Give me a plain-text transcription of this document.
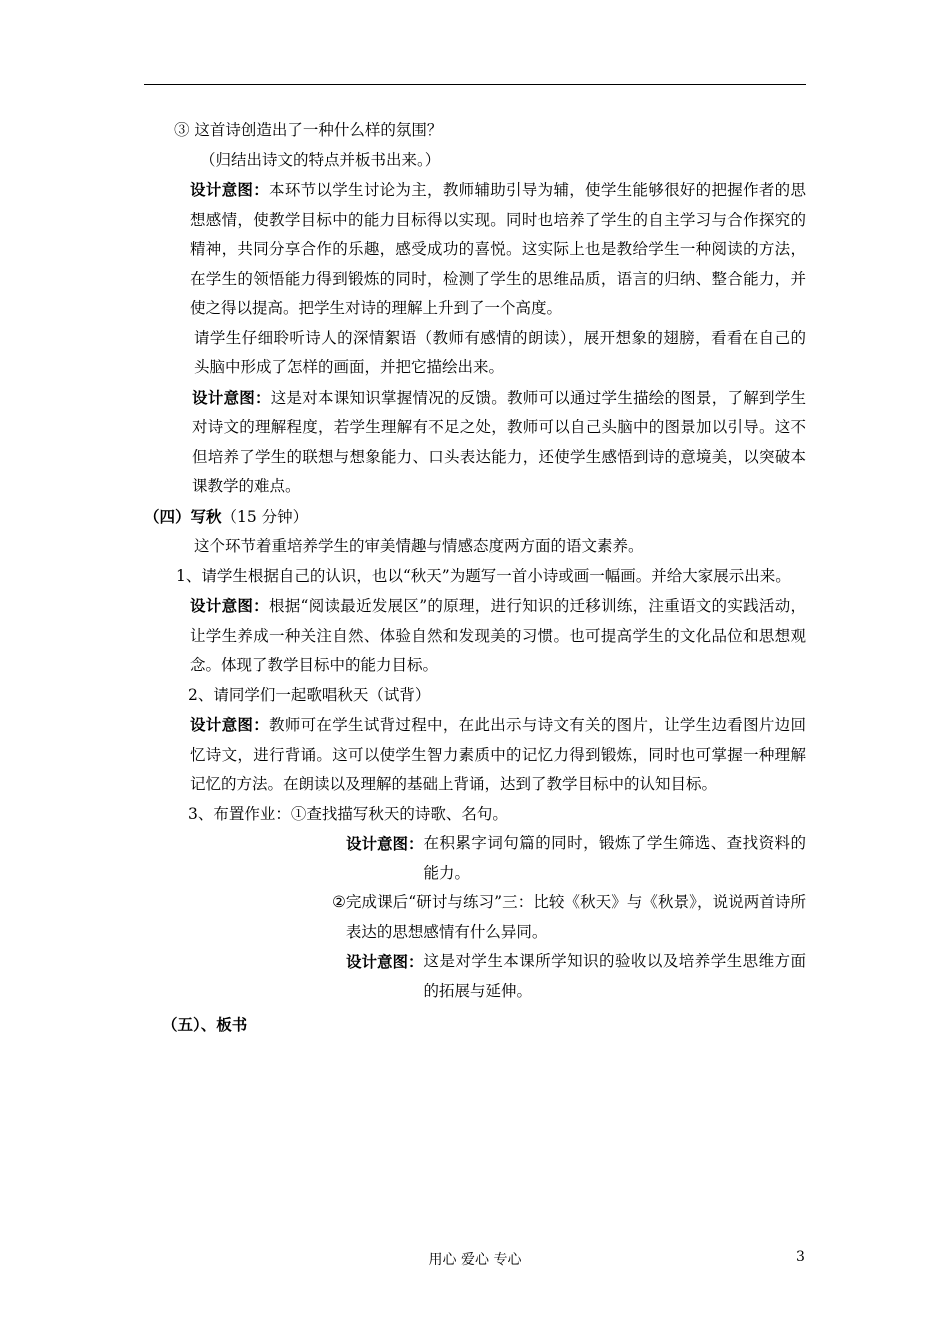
③ 这首诗创造出了一种什么样的氛围？

（归结出诗文的特点并板书出来。）

设计意图：本环节以学生讨论为主，教师辅助引导为辅，使学生能够很好的把握作者的思想感情，使教学目标中的能力目标得以实现。同时也培养了学生的自主学习与合作探究的精神，共同分享合作的乐趣，感受成功的喜悦。这实际上也是教给学生一种阅读的方法，在学生的领悟能力得到锻炼的同时，检测了学生的思维品质，语言的归纳、整合能力，并使之得以提高。把学生对诗的理解上升到了一个高度。

请学生仔细聆听诗人的深情絮语（教师有感情的朗读），展开想象的翅膀，看看在自己的头脑中形成了怎样的画面，并把它描绘出来。

设计意图：这是对本课知识掌握情况的反馈。教师可以通过学生描绘的图景，了解到学生对诗文的理解程度，若学生理解有不足之处，教师可以自己头脑中的图景加以引导。这不但培养了学生的联想与想象能力、口头表达能力，还使学生感悟到诗的意境美，以突破本课教学的难点。

（四）写秋（15 分钟）

这个环节着重培养学生的审美情趣与情感态度两方面的语文素养。

1、请学生根据自己的认识，也以“秋天”为题写一首小诗或画一幅画。并给大家展示出来。

设计意图：根据“阅读最近发展区”的原理，进行知识的迁移训练，注重语文的实践活动，让学生养成一种关注自然、体验自然和发现美的习惯。也可提高学生的文化品位和思想观念。体现了教学目标中的能力目标。

2、请同学们一起歌唱秋天（试背）

设计意图：教师可在学生试背过程中，在此出示与诗文有关的图片，让学生边看图片边回忆诗文，进行背诵。这可以使学生智力素质中的记忆力得到锻炼，同时也可掌握一种理解记忆的方法。在朗读以及理解的基础上背诵，达到了教学目标中的认知目标。

3、布置作业：①查找描写秋天的诗歌、名句。

设计意图： 在积累字词句篇的同时，锻炼了学生筛选、查找资料的能力。
② 完成课后“研讨与练习”三：比较《秋天》与《秋景》，说说两首诗所表达的思想感情有什么异同。
设计意图： 这是对学生本课所学知识的验收以及培养学生思维方面的拓展与延伸。

（五）、板书

用心 爱心 专心	3
